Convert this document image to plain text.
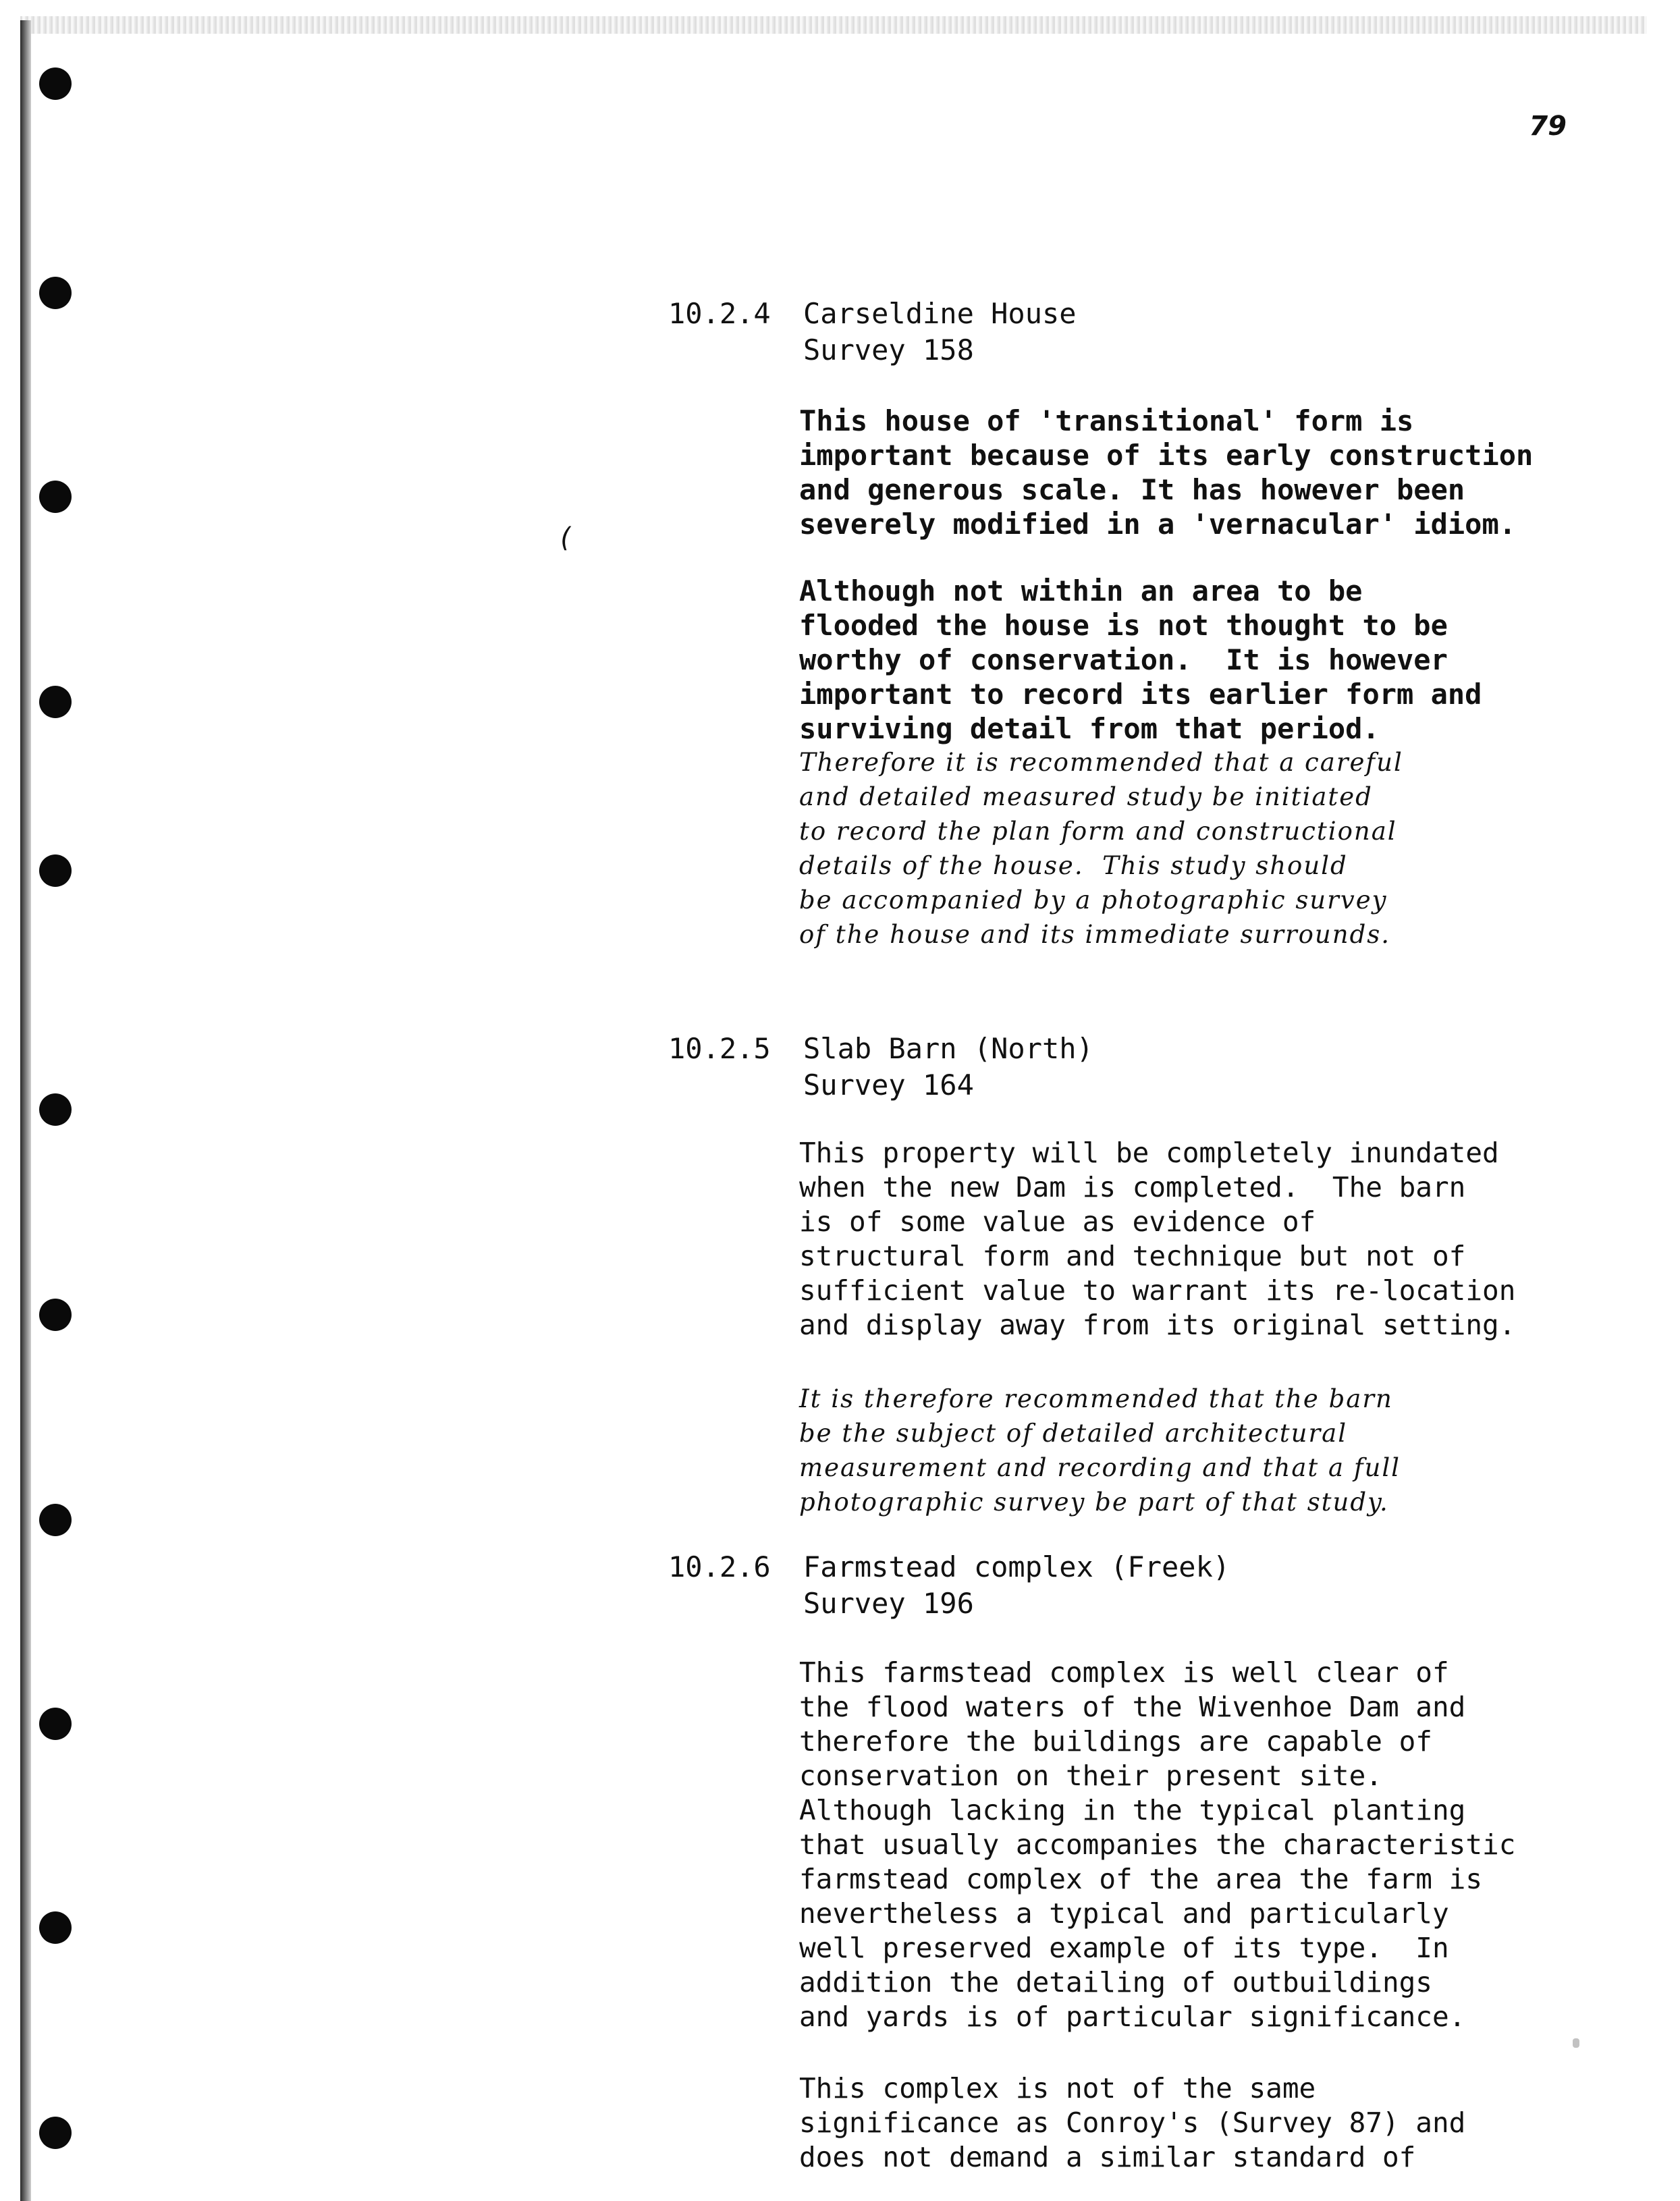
79
(
10.2.4 Carseldine House
Survey 158
This house of 'transitional' form is
important because of its early construction
and generous scale. It has however been
severely modified in a 'vernacular' idiom.
Although not within an area to be
flooded the house is not thought to be
worthy of conservation.  It is however
important to record its earlier form and
surviving detail from that period.
Therefore it is recommended that a careful
and detailed measured study be initiated
to record the plan form and constructional
details of the house.  This study should
be accompanied by a photographic survey
of the house and its immediate surrounds.
10.2.5 Slab Barn (North)
Survey 164
This property will be completely inundated
when the new Dam is completed.  The barn
is of some value as evidence of
structural form and technique but not of
sufficient value to warrant its re-location
and display away from its original setting.
It is therefore recommended that the barn
be the subject of detailed architectural
measurement and recording and that a full
photographic survey be part of that study.
10.2.6 Farmstead complex (Freek)
Survey 196
This farmstead complex is well clear of
the flood waters of the Wivenhoe Dam and
therefore the buildings are capable of
conservation on their present site.
Although lacking in the typical planting
that usually accompanies the characteristic
farmstead complex of the area the farm is
nevertheless a typical and particularly
well preserved example of its type.  In
addition the detailing of outbuildings
and yards is of particular significance.
This complex is not of the same
significance as Conroy's (Survey 87) and
does not demand a similar standard of
